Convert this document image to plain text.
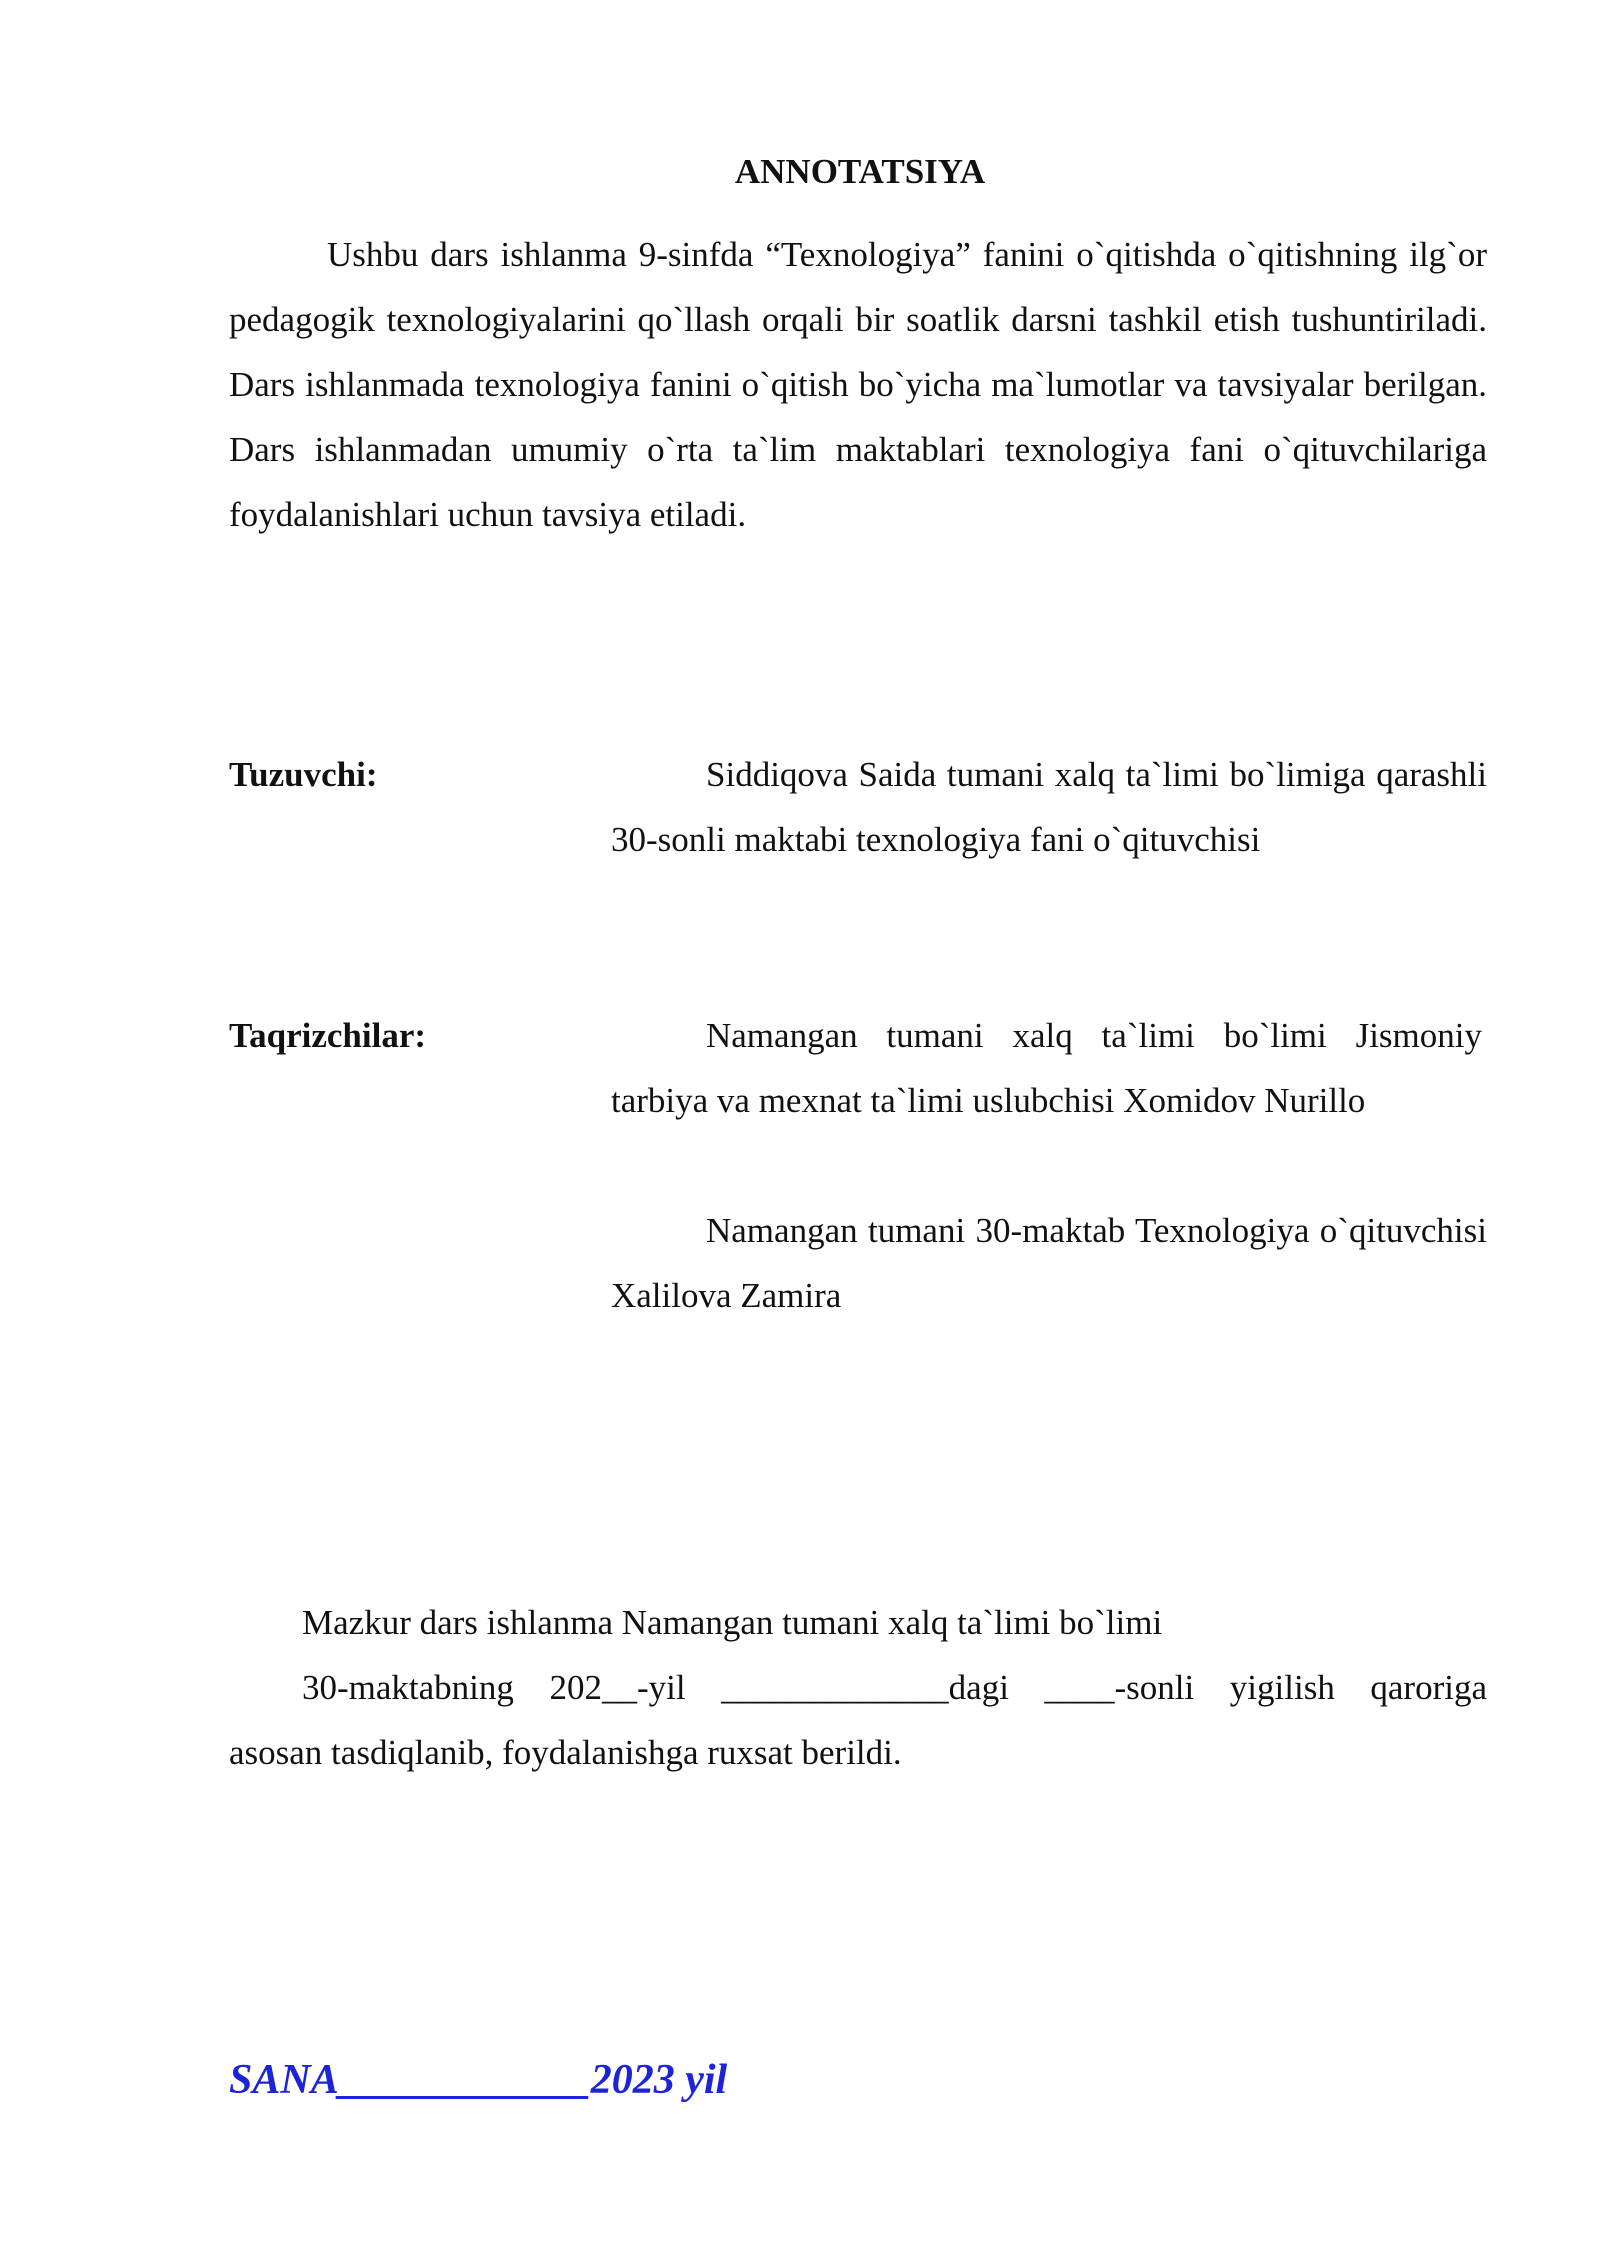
ANNOTATSIYA

Ushbu dars ishlanma 9-sinfda “Texnologiya” fanini o`qitishda o`qitishning ilg`or pedagogik texnologiyalarini qo`llash orqali bir soatlik darsni tashkil etish tushuntiriladi. Dars ishlanmada texnologiya fanini o`qitish bo`yicha ma`lumotlar va tavsiyalar berilgan. Dars ishlanmadan umumiy o`rta ta`lim maktablari texnologiya fani o`qituvchilariga foydalanishlari uchun tavsiya etiladi.

Tuzuvchi:	Siddiqova Saida tumani xalq ta`limi bo`limiga qarashli 30-sonli maktabi texnologiya fani o`qituvchisi

Taqrizchilar:	Namangan tumani xalq ta`limi bo`limi Jismoniy tarbiya va mexnat ta`limi uslubchisi Xomidov Nurillo

Namangan tumani 30-maktab Texnologiya o`qituvchisi Xalilova Zamira

Mazkur dars ishlanma Namangan tumani xalq ta`limi bo`limi
30-maktabning 202__-yil _____________dagi ____-sonli yigilish qaroriga
asosan tasdiqlanib, foydalanishga ruxsat berildi.

SANA____________2023 yil
